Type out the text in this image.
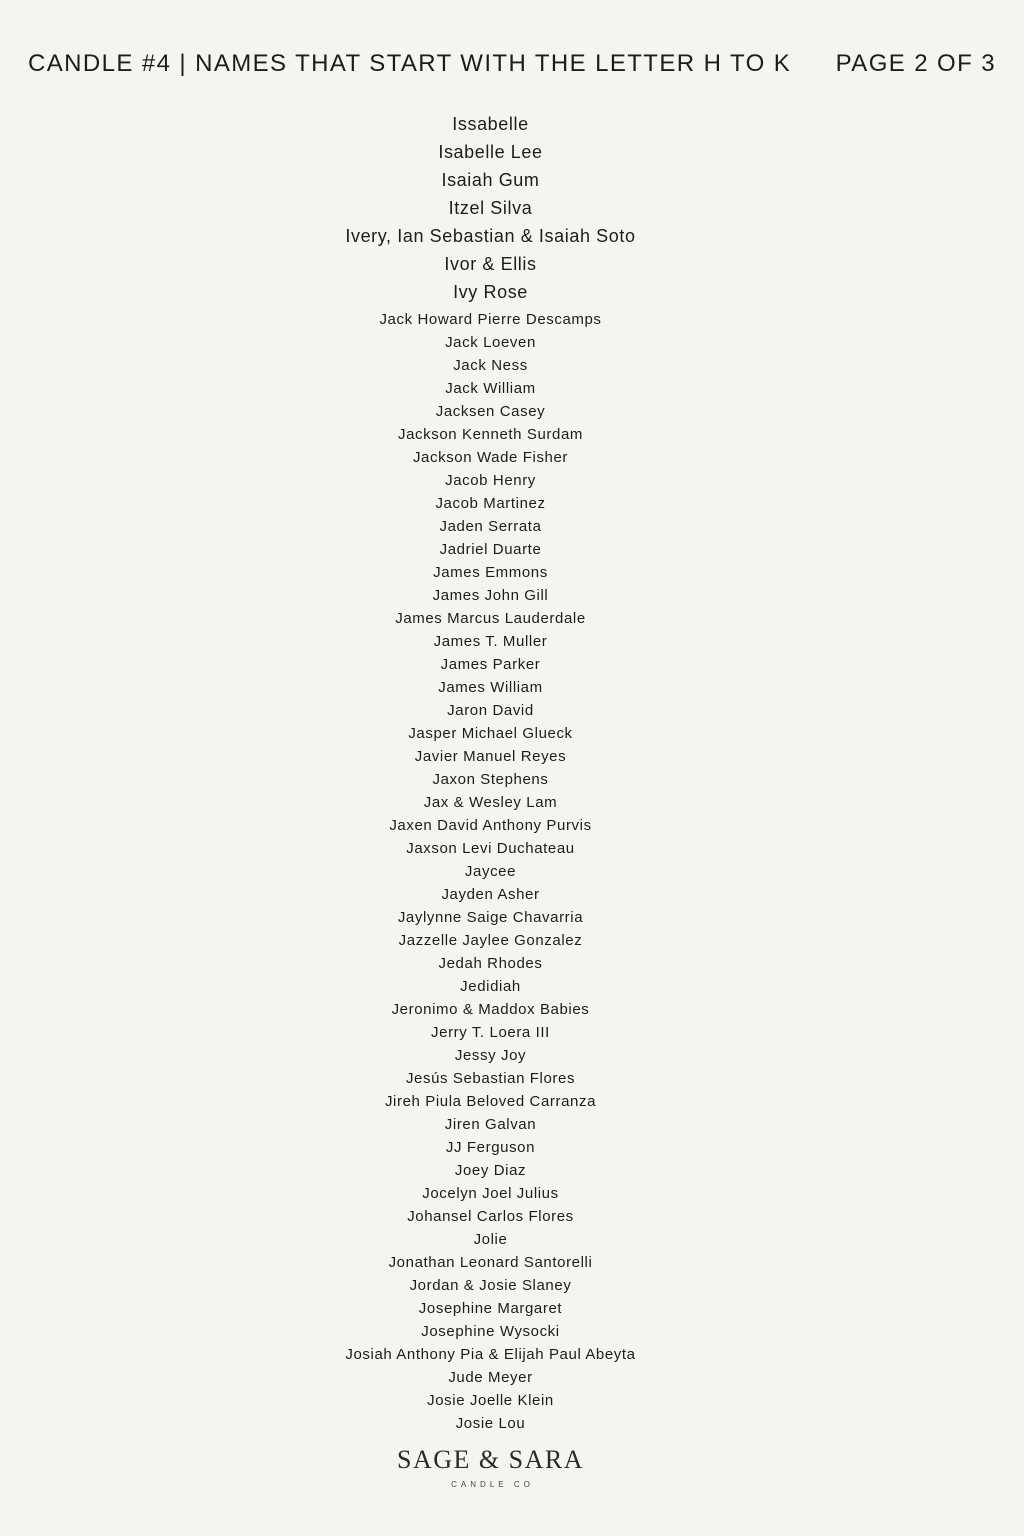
CANDLE #4 | NAMES THAT START WITH THE LETTER H TO K PAGE 2 OF 3
Issabelle
Isabelle Lee
Isaiah Gum
Itzel Silva
Ivery, Ian Sebastian & Isaiah Soto
Ivor & Ellis
Ivy Rose
Jack Howard Pierre Descamps
Jack Loeven
Jack Ness
Jack William
Jacksen Casey
Jackson Kenneth Surdam
Jackson Wade Fisher
Jacob Henry
Jacob Martinez
Jaden Serrata
Jadriel Duarte
James Emmons
James John Gill
James Marcus Lauderdale
James T. Muller
James Parker
James William
Jaron David
Jasper Michael Glueck
Javier Manuel Reyes
Jaxon Stephens
Jax & Wesley Lam
Jaxen David Anthony Purvis
Jaxson Levi Duchateau
Jaycee
Jayden Asher
Jaylynne Saige Chavarria
Jazzelle Jaylee Gonzalez
Jedah Rhodes
Jedidiah
Jeronimo & Maddox Babies
Jerry T. Loera III
Jessy Joy
Jesús Sebastian Flores
Jireh Piula Beloved Carranza
Jiren Galvan
JJ Ferguson
Joey Diaz
Jocelyn Joel Julius
Johansel Carlos Flores
Jolie
Jonathan Leonard Santorelli
Jordan & Josie Slaney
Josephine Margaret
Josephine Wysocki
Josiah Anthony Pia & Elijah Paul Abeyta
Jude Meyer
Josie Joelle Klein
Josie Lou
SAGE & SARA
CANDLE CO
